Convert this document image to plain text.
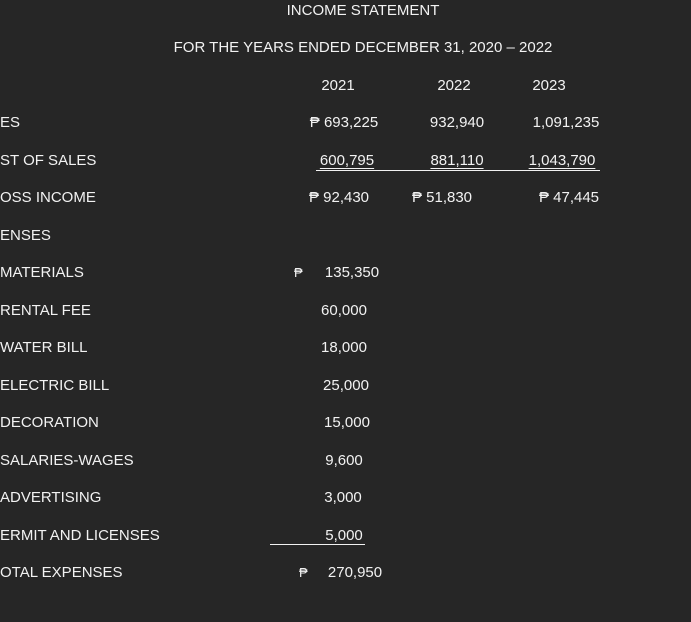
INCOME STATEMENT
FOR THE YEARS ENDED DECEMBER 31, 2020 – 2022
2021	2022	2023
ES	₱ 693,225	932,940	1,091,235
ST OF SALES	600,795	881,110	1,043,790
OSS INCOME	₱ 92,430	₱ 51,830	₱ 47,445
ENSES
MATERIALS	₱ 135,350
RENTAL FEE	60,000
WATER BILL	18,000
ELECTRIC BILL	25,000
DECORATION	15,000
SALARIES-WAGES	9,600
ADVERTISING	3,000
ERMIT AND LICENSES	5,000
OTAL EXPENSES	₱ 270,950
